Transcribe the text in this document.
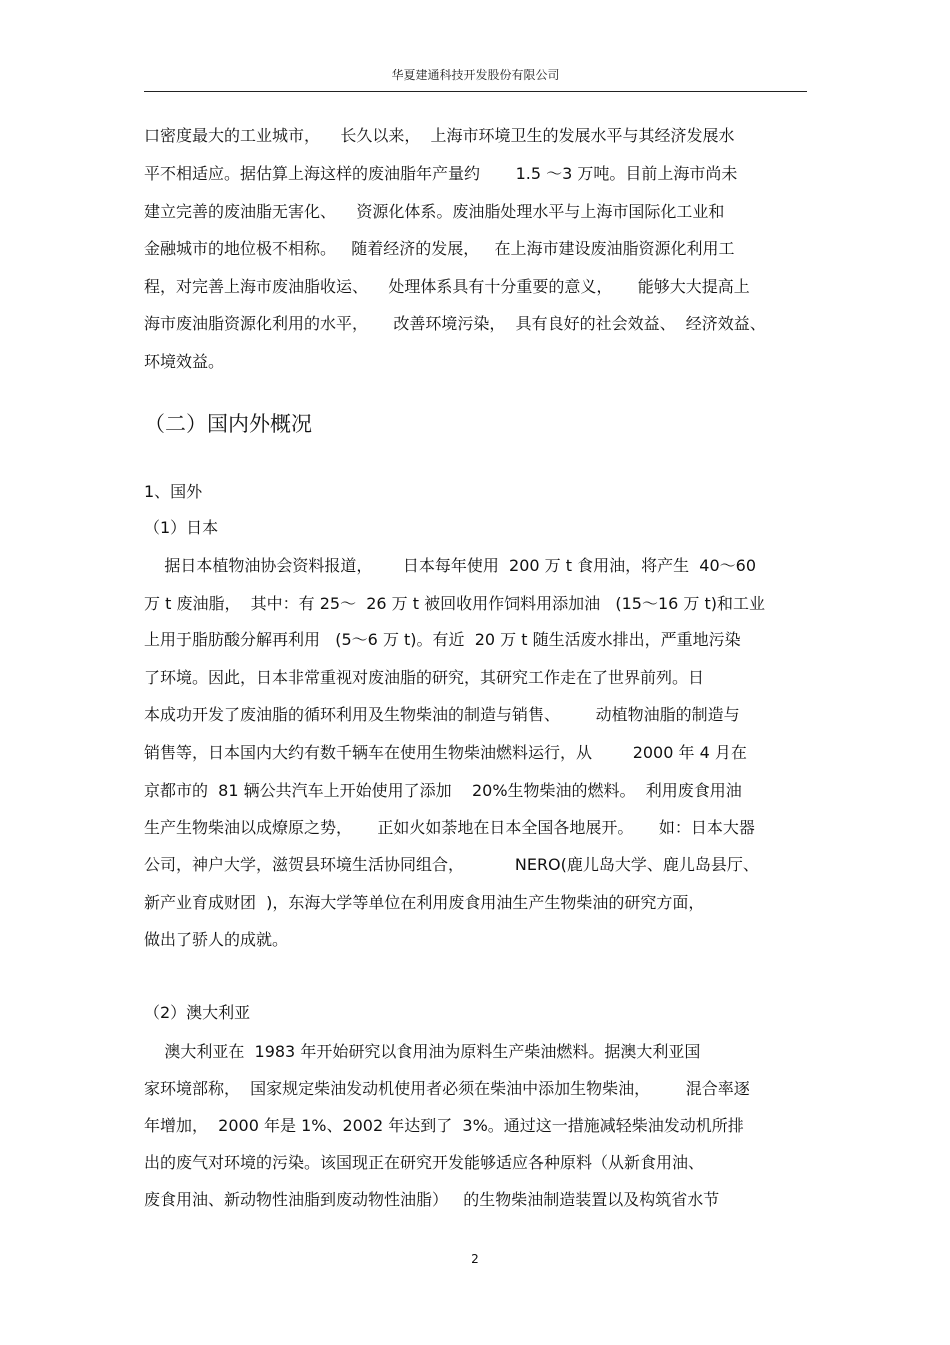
华夏建通科技开发股份有限公司
口密度最大的工业城市，    长久以来，  上海市环境卫生的发展水平与其经济发展水
平不相适应。据估算上海这样的废油脂年产量约       1.5 ～3 万吨。目前上海市尚未
建立完善的废油脂无害化、    资源化体系。废油脂处理水平与上海市国际化工业和
金融城市的地位极不相称。   随着经济的发展，   在上海市建设废油脂资源化利用工
程，对完善上海市废油脂收运、    处理体系具有十分重要的意义，     能够大大提高上
海市废油脂资源化利用的水平，     改善环境污染，  具有良好的社会效益、  经济效益、
环境效益。
（二）国内外概况
1、国外
（1）日本
据日本植物油协会资料报道，      日本每年使用  200 万 t 食用油，将产生  40～60
万 t 废油脂，  其中：有 25～  26 万 t 被回收用作饲料用添加油   (15～16 万 t)和工业
上用于脂肪酸分解再利用   (5～6 万 t)。有近  20 万 t 随生活废水排出，严重地污染
了环境。因此，日本非常重视对废油脂的研究，其研究工作走在了世界前列。日
本成功开发了废油脂的循环利用及生物柴油的制造与销售、       动植物油脂的制造与
销售等，日本国内大约有数千辆车在使用生物柴油燃料运行，从        2000 年 4 月在
京都市的  81 辆公共汽车上开始使用了添加    20%生物柴油的燃料。  利用废食用油
生产生物柴油以成燎原之势，     正如火如荼地在日本全国各地展开。     如：日本大器
公司，神户大学，滋贺县环境生活协同组合，          NERO(鹿儿岛大学、鹿儿岛县厅、
新产业育成财团  )，东海大学等单位在利用废食用油生产生物柴油的研究方面，
做出了骄人的成就。
（2）澳大利亚
澳大利亚在  1983 年开始研究以食用油为原料生产柴油燃料。据澳大利亚国
家环境部称，  国家规定柴油发动机使用者必须在柴油中添加生物柴油，       混合率逐
年增加，  2000 年是 1%、2002 年达到了  3%。通过这一措施减轻柴油发动机所排
出的废气对环境的污染。该国现正在研究开发能够适应各种原料（从新食用油、
废食用油、新动物性油脂到废动物性油脂）   的生物柴油制造装置以及构筑省水节
2
